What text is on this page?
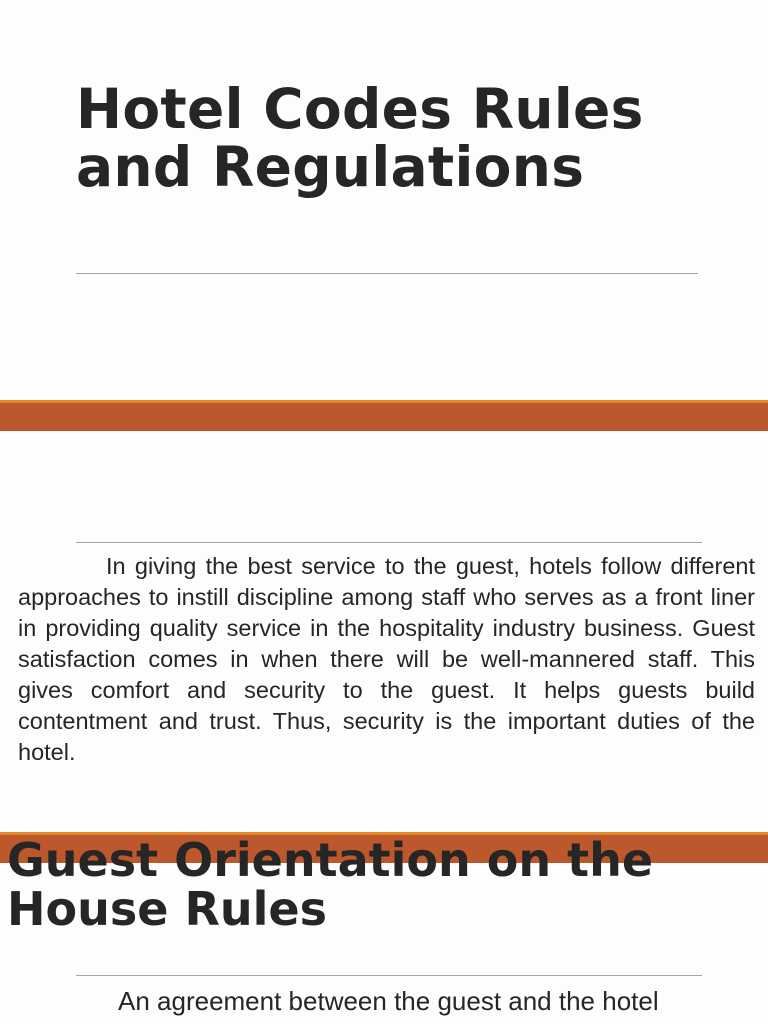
Hotel Codes Rules and Regulations

In giving the best service to the guest, hotels follow different approaches to instill discipline among staff who serves as a front liner in providing quality service in the hospitality industry business. Guest satisfaction comes in when there will be well-mannered staff. This gives comfort and security to the guest. It helps guests build contentment and trust. Thus, security is the important duties of the hotel.

Guest Orientation on the House Rules

An agreement between the guest and the hotel
